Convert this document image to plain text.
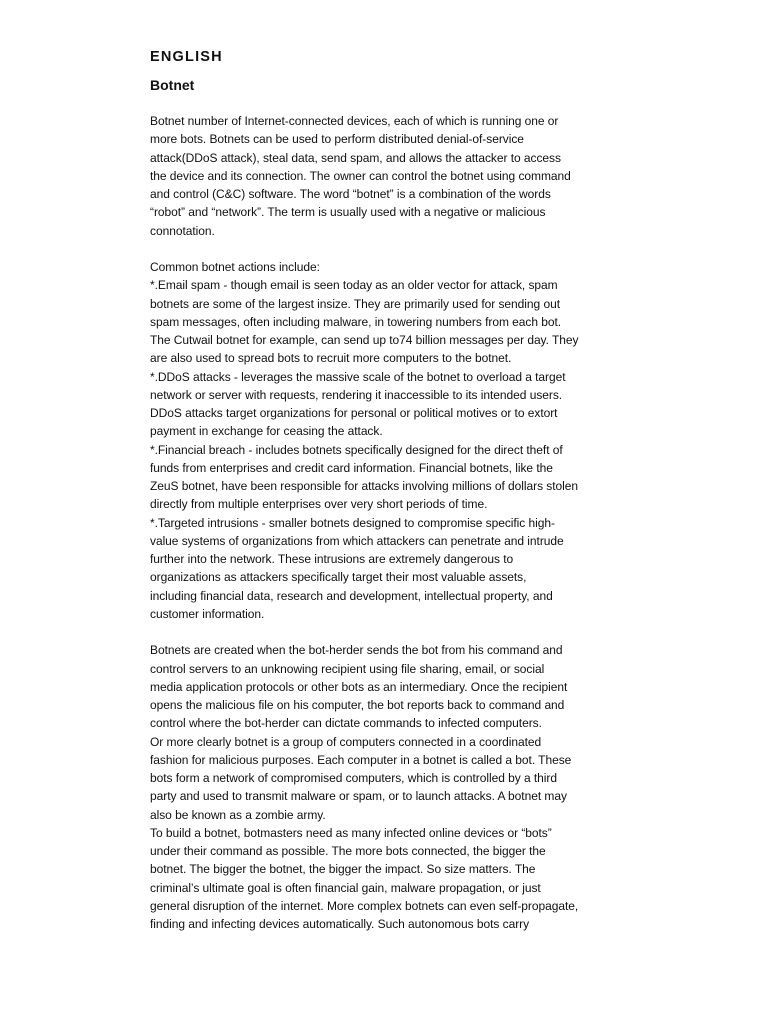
ENGLISH
Botnet
Botnet number of Internet-connected devices, each of which is running one or
more bots. Botnets can be used to perform distributed denial-of-service
attack(DDoS attack), steal data, send spam, and allows the attacker to access
the device and its connection. The owner can control the botnet using command
and control (C&C) software. The word “botnet” is a combination of the words
“robot” and “network”. The term is usually used with a negative or malicious
connotation.
Common botnet actions include:
*.Email spam - though email is seen today as an older vector for attack, spam
botnets are some of the largest insize. They are primarily used for sending out
spam messages, often including malware, in towering numbers from each bot.
The Cutwail botnet for example, can send up to74 billion messages per day. They
are also used to spread bots to recruit more computers to the botnet.
*.DDoS attacks - leverages the massive scale of the botnet to overload a target
network or server with requests, rendering it inaccessible to its intended users.
DDoS attacks target organizations for personal or political motives or to extort
payment in exchange for ceasing the attack.
*.Financial breach - includes botnets specifically designed for the direct theft of
funds from enterprises and credit card information. Financial botnets, like the
ZeuS botnet, have been responsible for attacks involving millions of dollars stolen
directly from multiple enterprises over very short periods of time.
*.Targeted intrusions - smaller botnets designed to compromise specific high-
value systems of organizations from which attackers can penetrate and intrude
further into the network. These intrusions are extremely dangerous to
organizations as attackers specifically target their most valuable assets,
including financial data, research and development, intellectual property, and
customer information.
Botnets are created when the bot-herder sends the bot from his command and
control servers to an unknowing recipient using file sharing, email, or social
media application protocols or other bots as an intermediary. Once the recipient
opens the malicious file on his computer, the bot reports back to command and
control where the bot-herder can dictate commands to infected computers.
Or more clearly botnet is a group of computers connected in a coordinated
fashion for malicious purposes. Each computer in a botnet is called a bot. These
bots form a network of compromised computers, which is controlled by a third
party and used to transmit malware or spam, or to launch attacks. A botnet may
also be known as a zombie army.
To build a botnet, botmasters need as many infected online devices or “bots”
under their command as possible. The more bots connected, the bigger the
botnet. The bigger the botnet, the bigger the impact. So size matters. The
criminal’s ultimate goal is often financial gain, malware propagation, or just
general disruption of the internet. More complex botnets can even self-propagate,
finding and infecting devices automatically. Such autonomous bots carry
